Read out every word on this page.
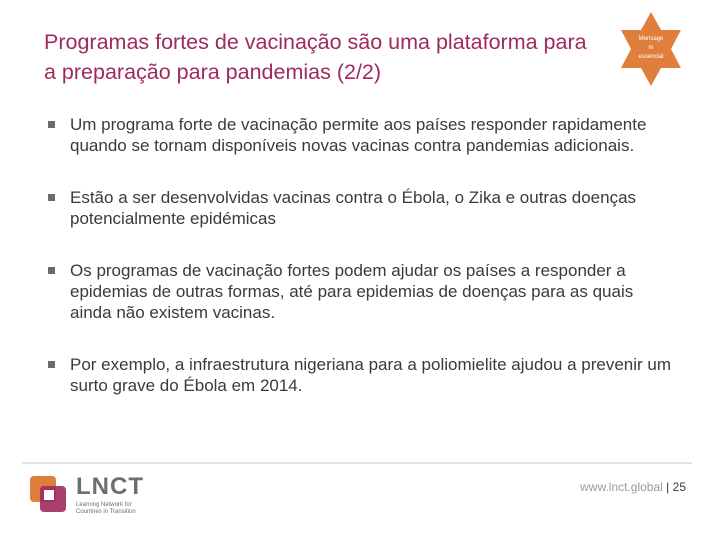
Programas fortes de vacinação são uma plataforma para a preparação para pandemias (2/2)
Mensage
m
essencial
Um programa forte de vacinação permite aos países responder rapidamente quando se tornam disponíveis novas vacinas contra pandemias adicionais.
Estão a ser desenvolvidas vacinas contra o Ébola, o Zika e outras doenças potencialmente epidémicas
Os programas de vacinação fortes podem ajudar os países a responder a epidemias de outras formas, até para epidemias de doenças para as quais ainda não existem vacinas.
Por exemplo, a infraestrutura nigeriana para a poliomielite ajudou a prevenir um surto grave do Ébola em 2014.
LNCT
Learning Network for
Countries in Transition
www.lnct.global | 25
